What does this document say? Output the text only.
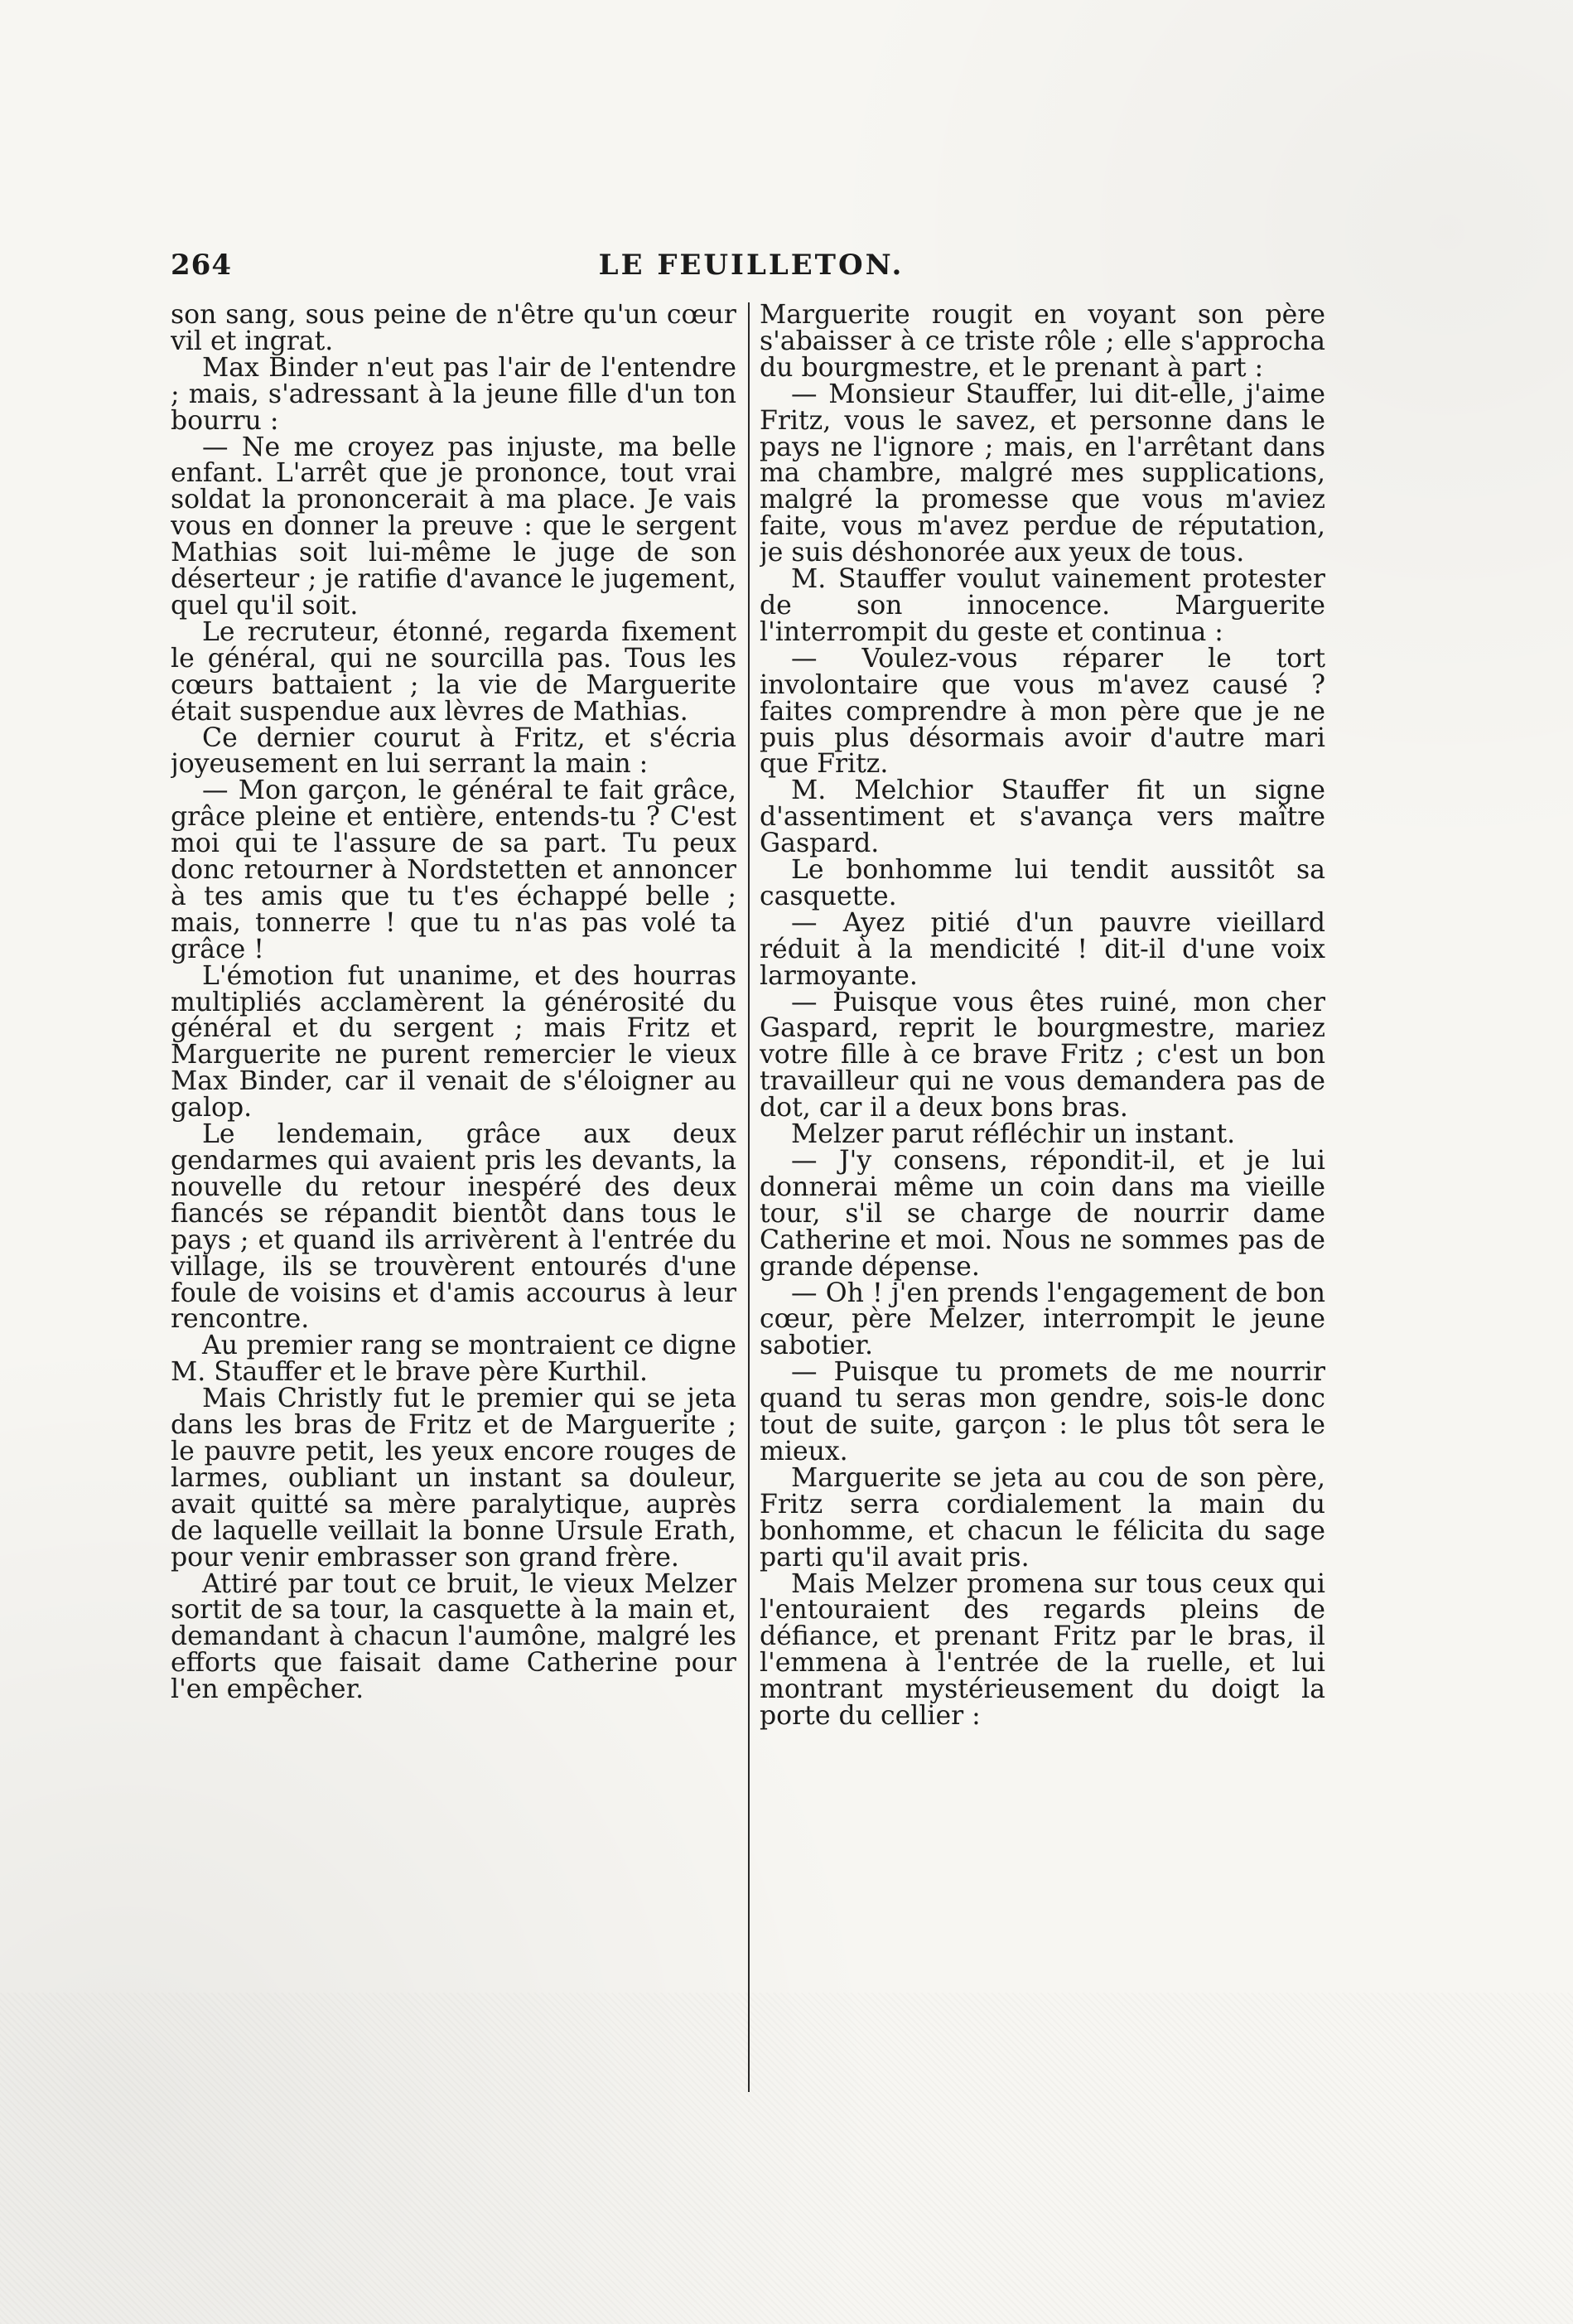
264	LE FEUILLETON.

son sang, sous peine de n'être qu'un cœur vil et ingrat.

Max Binder n'eut pas l'air de l'entendre ; mais, s'adressant à la jeune fille d'un ton bourru :

— Ne me croyez pas injuste, ma belle enfant. L'arrêt que je prononce, tout vrai soldat la prononcerait à ma place. Je vais vous en donner la preuve : que le sergent Mathias soit lui-même le juge de son déserteur ; je ratifie d'avance le jugement, quel qu'il soit.

Le recruteur, étonné, regarda fixement le général, qui ne sourcilla pas. Tous les cœurs battaient ; la vie de Marguerite était suspendue aux lèvres de Mathias.

Ce dernier courut à Fritz, et s'écria joyeusement en lui serrant la main :

— Mon garçon, le général te fait grâce, grâce pleine et entière, entends-tu ? C'est moi qui te l'assure de sa part. Tu peux donc retourner à Nordstetten et annoncer à tes amis que tu t'es échappé belle ; mais, tonnerre ! que tu n'as pas volé ta grâce !

L'émotion fut unanime, et des hourras multipliés acclamèrent la générosité du général et du sergent ; mais Fritz et Marguerite ne purent remercier le vieux Max Binder, car il venait de s'éloigner au galop.

Le lendemain, grâce aux deux gendarmes qui avaient pris les devants, la nouvelle du retour inespéré des deux fiancés se répandit bientôt dans tous le pays ; et quand ils arrivèrent à l'entrée du village, ils se trouvèrent entourés d'une foule de voisins et d'amis accourus à leur rencontre.

Au premier rang se montraient ce digne M. Stauffer et le brave père Kurthil.

Mais Christly fut le premier qui se jeta dans les bras de Fritz et de Marguerite ; le pauvre petit, les yeux encore rouges de larmes, oubliant un instant sa douleur, avait quitté sa mère paralytique, auprès de laquelle veillait la bonne Ursule Erath, pour venir embrasser son grand frère.

Attiré par tout ce bruit, le vieux Melzer sortit de sa tour, la casquette à la main et, demandant à chacun l'aumône, malgré les efforts que faisait dame Catherine pour l'en empêcher.

Marguerite rougit en voyant son père s'abaisser à ce triste rôle ; elle s'approcha du bourgmestre, et le prenant à part :

— Monsieur Stauffer, lui dit-elle, j'aime Fritz, vous le savez, et personne dans le pays ne l'ignore ; mais, en l'arrêtant dans ma chambre, malgré mes supplications, malgré la promesse que vous m'aviez faite, vous m'avez perdue de réputation, je suis déshonorée aux yeux de tous.

M. Stauffer voulut vainement protester de son innocence. Marguerite l'interrompit du geste et continua :

— Voulez-vous réparer le tort involontaire que vous m'avez causé ? faites comprendre à mon père que je ne puis plus désormais avoir d'autre mari que Fritz.

M. Melchior Stauffer fit un signe d'assentiment et s'avança vers maître Gaspard.

Le bonhomme lui tendit aussitôt sa casquette.

— Ayez pitié d'un pauvre vieillard réduit à la mendicité ! dit-il d'une voix larmoyante.

— Puisque vous êtes ruiné, mon cher Gaspard, reprit le bourgmestre, mariez votre fille à ce brave Fritz ; c'est un bon travailleur qui ne vous demandera pas de dot, car il a deux bons bras.

Melzer parut réfléchir un instant.

— J'y consens, répondit-il, et je lui donnerai même un coin dans ma vieille tour, s'il se charge de nourrir dame Catherine et moi. Nous ne sommes pas de grande dépense.

— Oh ! j'en prends l'engagement de bon cœur, père Melzer, interrompit le jeune sabotier.

— Puisque tu promets de me nourrir quand tu seras mon gendre, sois-le donc tout de suite, garçon : le plus tôt sera le mieux.

Marguerite se jeta au cou de son père, Fritz serra cordialement la main du bonhomme, et chacun le félicita du sage parti qu'il avait pris.

Mais Melzer promena sur tous ceux qui l'entouraient des regards pleins de défiance, et prenant Fritz par le bras, il l'emmena à l'entrée de la ruelle, et lui montrant mystérieusement du doigt la porte du cellier :
